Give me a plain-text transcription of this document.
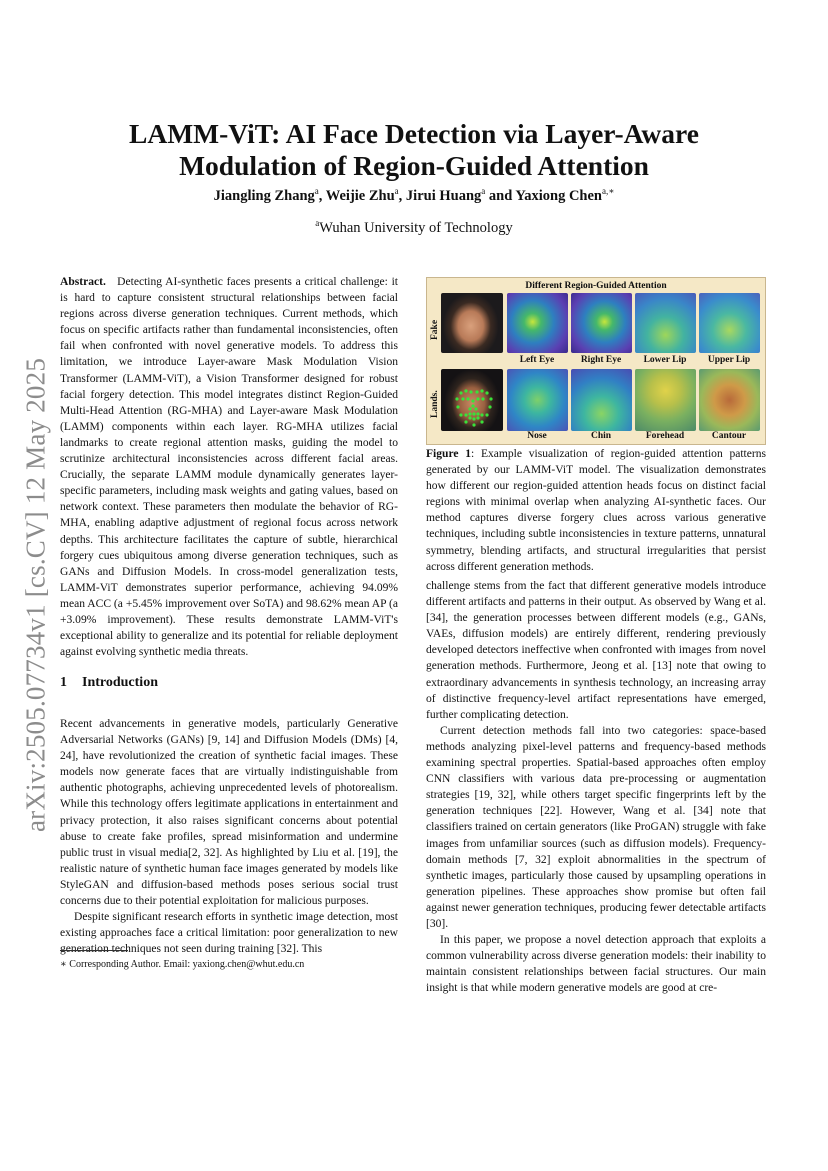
arXiv:2505.07734v1 [cs.CV] 12 May 2025
LAMM-ViT: AI Face Detection via Layer-Aware
Modulation of Region-Guided Attention
Jiangling Zhang$^a$, Weijie Zhu$^a$, Jirui Huang$^a$ and Yaxiong Chen$^{a,∗}$
$^a$Wuhan University of Technology

Abstract. Detecting AI-synthetic faces presents a critical challenge: it is hard to capture consistent structural relationships between facial regions across diverse generation techniques. Current methods, which focus on specific artifacts rather than fundamental inconsistencies, often fail when confronted with novel generative models. To address this limitation, we introduce Layer-aware Mask Modulation Vision Transformer (LAMM-ViT), a Vision Transformer designed for robust facial forgery detection. This model integrates distinct Region-Guided Multi-Head Attention (RG-MHA) and Layer-aware Mask Modulation (LAMM) components within each layer. RG-MHA utilizes facial landmarks to create regional attention masks, guiding the model to scrutinize architectural inconsistencies across different facial areas. Crucially, the separate LAMM module dynamically generates layer-specific parameters, including mask weights and gating values, based on network context. These parameters then modulate the behavior of RG-MHA, enabling adaptive adjustment of regional focus across network depths. This architecture facilitates the capture of subtle, hierarchical forgery cues ubiquitous among diverse generation techniques, such as GANs and Diffusion Models. In cross-model generalization tests, LAMM-ViT demonstrates superior performance, achieving 94.09% mean ACC (a +5.45% improvement over SoTA) and 98.62% mean AP (a +3.09% improvement). These results demonstrate LAMM-ViT's exceptional ability to generalize and its potential for reliable deployment against evolving synthetic media threats.

1 Introduction

Recent advancements in generative models, particularly Generative Adversarial Networks (GANs) [9, 14] and Diffusion Models (DMs) [4, 24], have revolutionized the creation of synthetic facial images. These models now generate faces that are virtually indistinguishable from authentic photographs, achieving unprecedented levels of photorealism. While this technology offers legitimate applications in entertainment and privacy protection, it also raises significant concerns about potential abuse to create fake profiles, spread misinformation and undermine public trust in visual media[2, 32]. As highlighted by Liu et al. [19], the realistic nature of synthetic human face images generated by models like StyleGAN and diffusion-based methods poses serious social trust concerns due to their potential exploitation for malicious purposes.

Despite significant research efforts in synthetic image detection, most existing approaches face a critical limitation: poor generalization to new generation techniques not seen during training [32]. This

∗ Corresponding Author. Email: yaxiong.chen@whut.edu.cn
Different Region-Guided Attention
Fake
Lands.
Left Eye	Right Eye	Lower Lip	Upper Lip
Nose	Chin	Forehead	Cantour

Figure 1: Example visualization of region-guided attention patterns generated by our LAMM-ViT model. The visualization demonstrates how different our region-guided attention heads focus on distinct facial regions with minimal overlap when analyzing AI-synthetic faces. Our method captures diverse forgery clues across various generative techniques, including subtle inconsistencies in texture patterns, unnatural symmetry, blending artifacts, and structural irregularities that persist across different generation methods.

challenge stems from the fact that different generative models introduce different artifacts and patterns in their output. As observed by Wang et al. [34], the generation processes between different models (e.g., GANs, VAEs, diffusion models) are entirely different, rendering previously developed detectors ineffective when confronted with images from novel generation methods. Furthermore, Jeong et al. [13] note that owing to extraordinary advancements in synthesis technology, an increasing array of distinctive frequency-level artifact representations have emerged, further complicating detection.

Current detection methods fall into two categories: space-based methods analyzing pixel-level patterns and frequency-based methods examining spectral properties. Spatial-based approaches often employ CNN classifiers with various data pre-processing or augmentation strategies [19, 32], while others target specific fingerprints left by the generation techniques [22]. However, Wang et al. [34] note that classifiers trained on certain generators (like ProGAN) struggle with fake images from unfamiliar sources (such as diffusion models). Frequency-domain methods [7, 32] exploit abnormalities in the spectrum of synthetic images, particularly those caused by upsampling operations in generation pipelines. These approaches show promise but often fail against newer generation techniques, producing fewer detectable artifacts [30].

In this paper, we propose a novel detection approach that exploits a common vulnerability across diverse generation models: their inability to maintain consistent relationships between facial structures. Our main insight is that while modern generative models are good at cre-
